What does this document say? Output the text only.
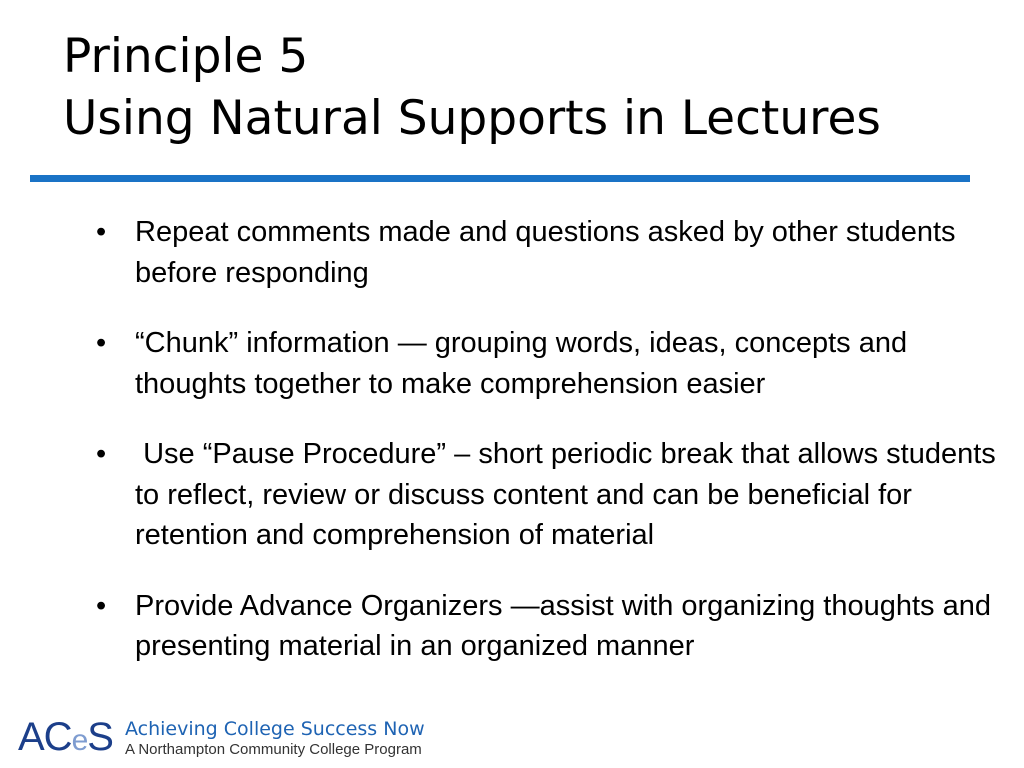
Principle 5
Using Natural Supports in Lectures
• Repeat comments made and questions asked by other students before responding
• “Chunk” information — grouping words, ideas, concepts and thoughts together to make comprehension easier
• Use “Pause Procedure” – short periodic break that allows students to reflect, review or discuss content and can be beneficial for retention and comprehension of material
• Provide Advance Organizers —assist with organizing thoughts and presenting material in an organized manner
ACeS Achieving College Success Now
A Northampton Community College Program
